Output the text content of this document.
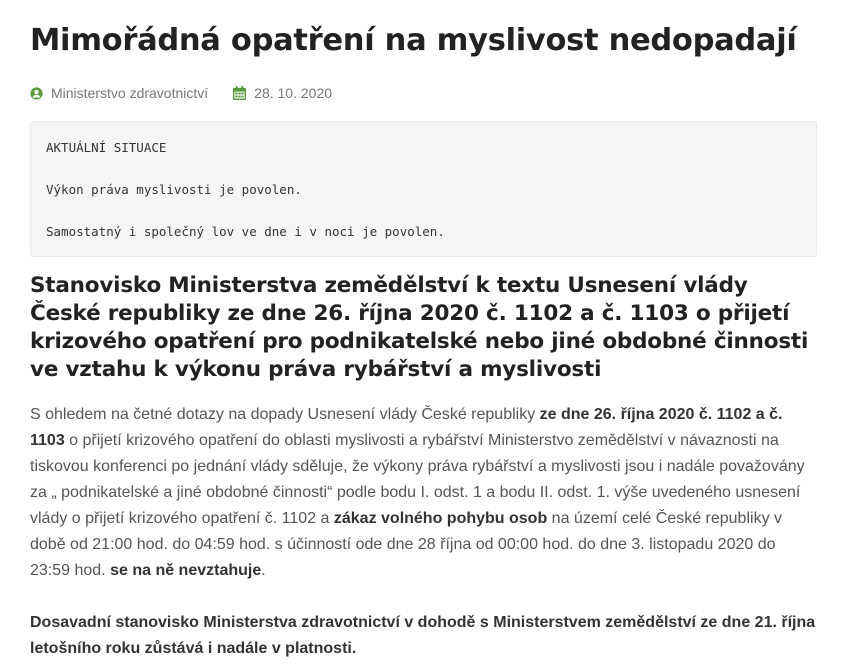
Mimořádná opatření na myslivost nedopadají
Ministerstvo zdravotnictví	28. 10. 2020

AKTUÁLNÍ SITUACE

Výkon práva myslivosti je povolen.

Samostatný i společný lov ve dne i v noci je povolen.

Stanovisko Ministerstva zemědělství k textu Usnesení vlády České republiky ze dne 26. října 2020 č. 1102 a č. 1103 o přijetí krizového opatření pro podnikatelské nebo jiné obdobné činnosti ve vztahu k výkonu práva rybářství a myslivosti

S ohledem na četné dotazy na dopady Usnesení vlády České republiky ze dne 26. října 2020 č. 1102 a č. 1103 o přijetí krizového opatření do oblasti myslivosti a rybářství Ministerstvo zemědělství v návaznosti na tiskovou konferenci po jednání vlády sděluje, že výkony práva rybářství a myslivosti jsou i nadále považovány za „ podnikatelské a jiné obdobné činnosti“ podle bodu I. odst. 1 a bodu II. odst. 1. výše uvedeného usnesení vlády o přijetí krizového opatření č. 1102 a zákaz volného pohybu osob na území celé České republiky v době od 21:00 hod. do 04:59 hod. s účinností ode dne 28 října od 00:00 hod. do dne 3. listopadu 2020 do 23:59 hod. se na ně nevztahuje.

Dosavadní stanovisko Ministerstva zdravotnictví v dohodě s Ministerstvem zemědělství ze dne 21. října letošního roku zůstává i nadále v platnosti.
